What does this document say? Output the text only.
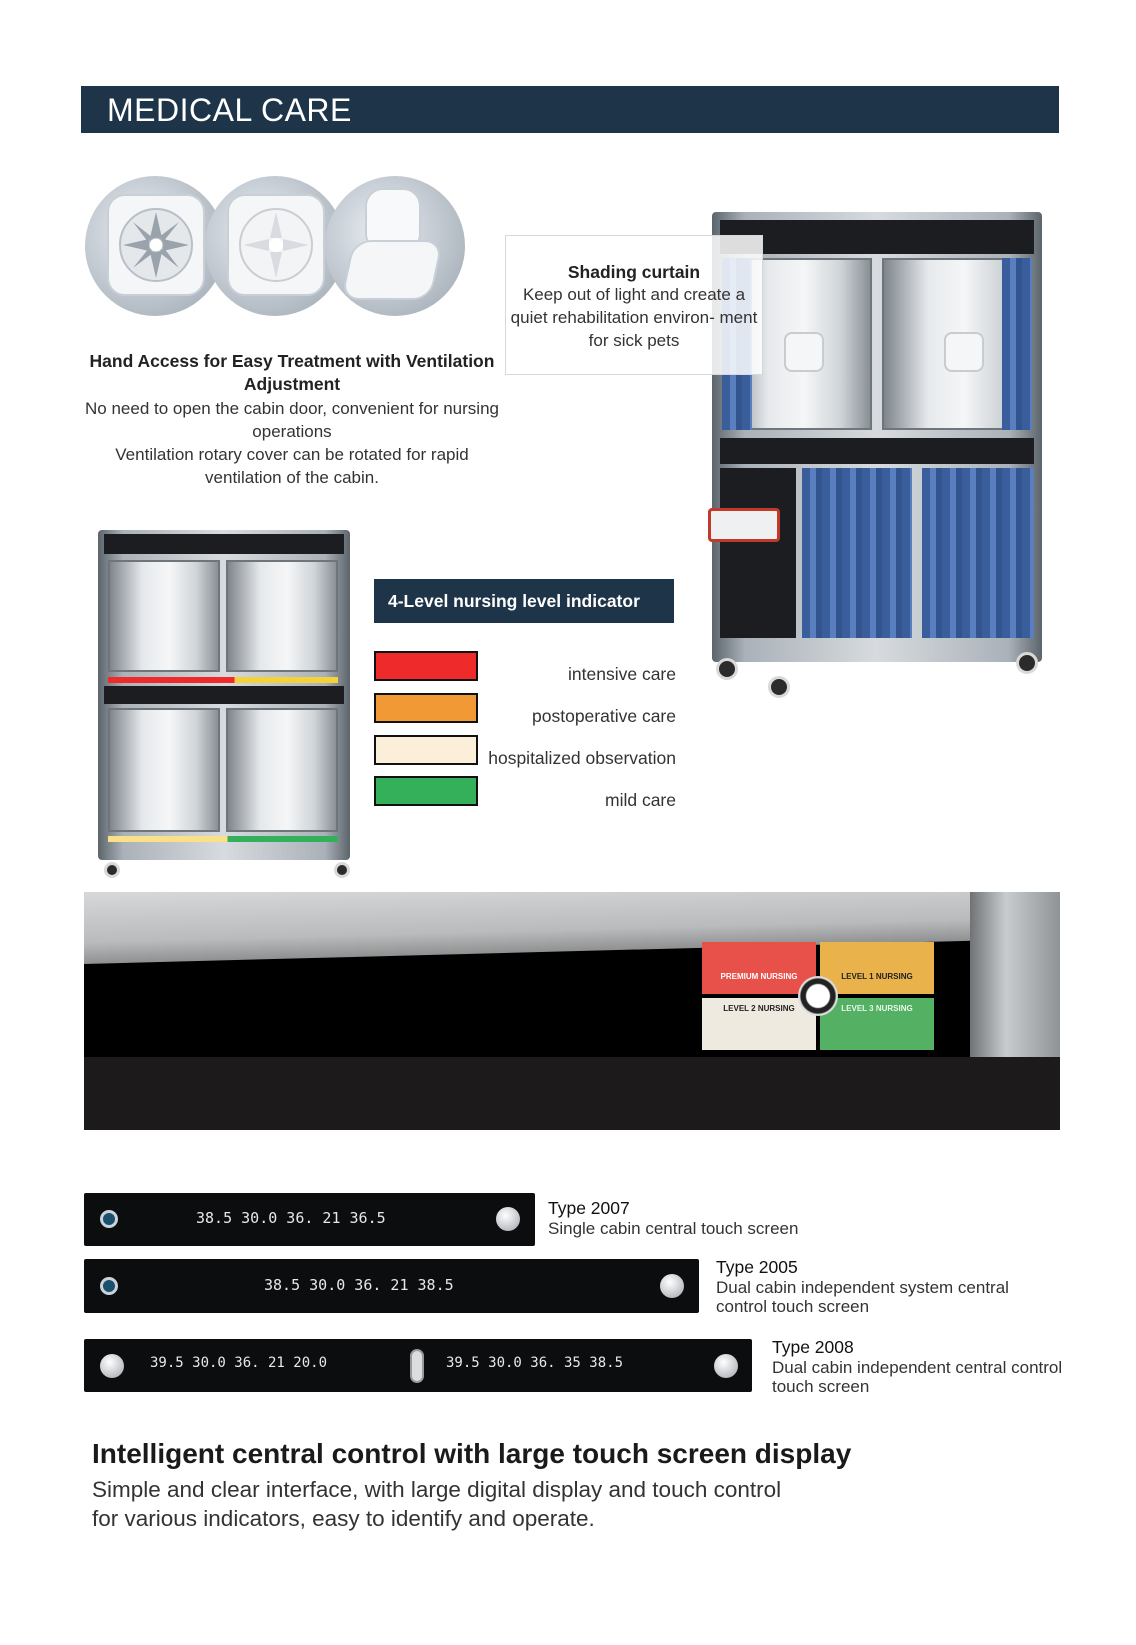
MEDICAL CARE
Hand Access for Easy Treatment with Ventilation Adjustment
No need to open the cabin door, convenient for nursing operations
Ventilation rotary cover can be rotated for rapid ventilation of the cabin.
Shading curtain
Keep out of light and create a quiet rehabilitation environ- ment for sick pets
4-Level nursing level indicator
intensive care
postoperative care
hospitalized observation
mild care
PREMIUM NURSING	LEVEL 1 NURSING
LEVEL 2 NURSING	LEVEL 3 NURSING
38.5 30.0 36. 21 36.5	Type 2007
Single cabin central touch screen
38.5 30.0 36. 21 38.5
Type 2005
Dual cabin independent system central control touch screen
39.5 30.0 36. 21 20.0	39.5 30.0 36. 35 38.5
Type 2008
Dual cabin independent central control touch screen
Intelligent central control with large touch screen display
Simple and clear interface, with large digital display and touch control for various indicators, easy to identify and operate.
